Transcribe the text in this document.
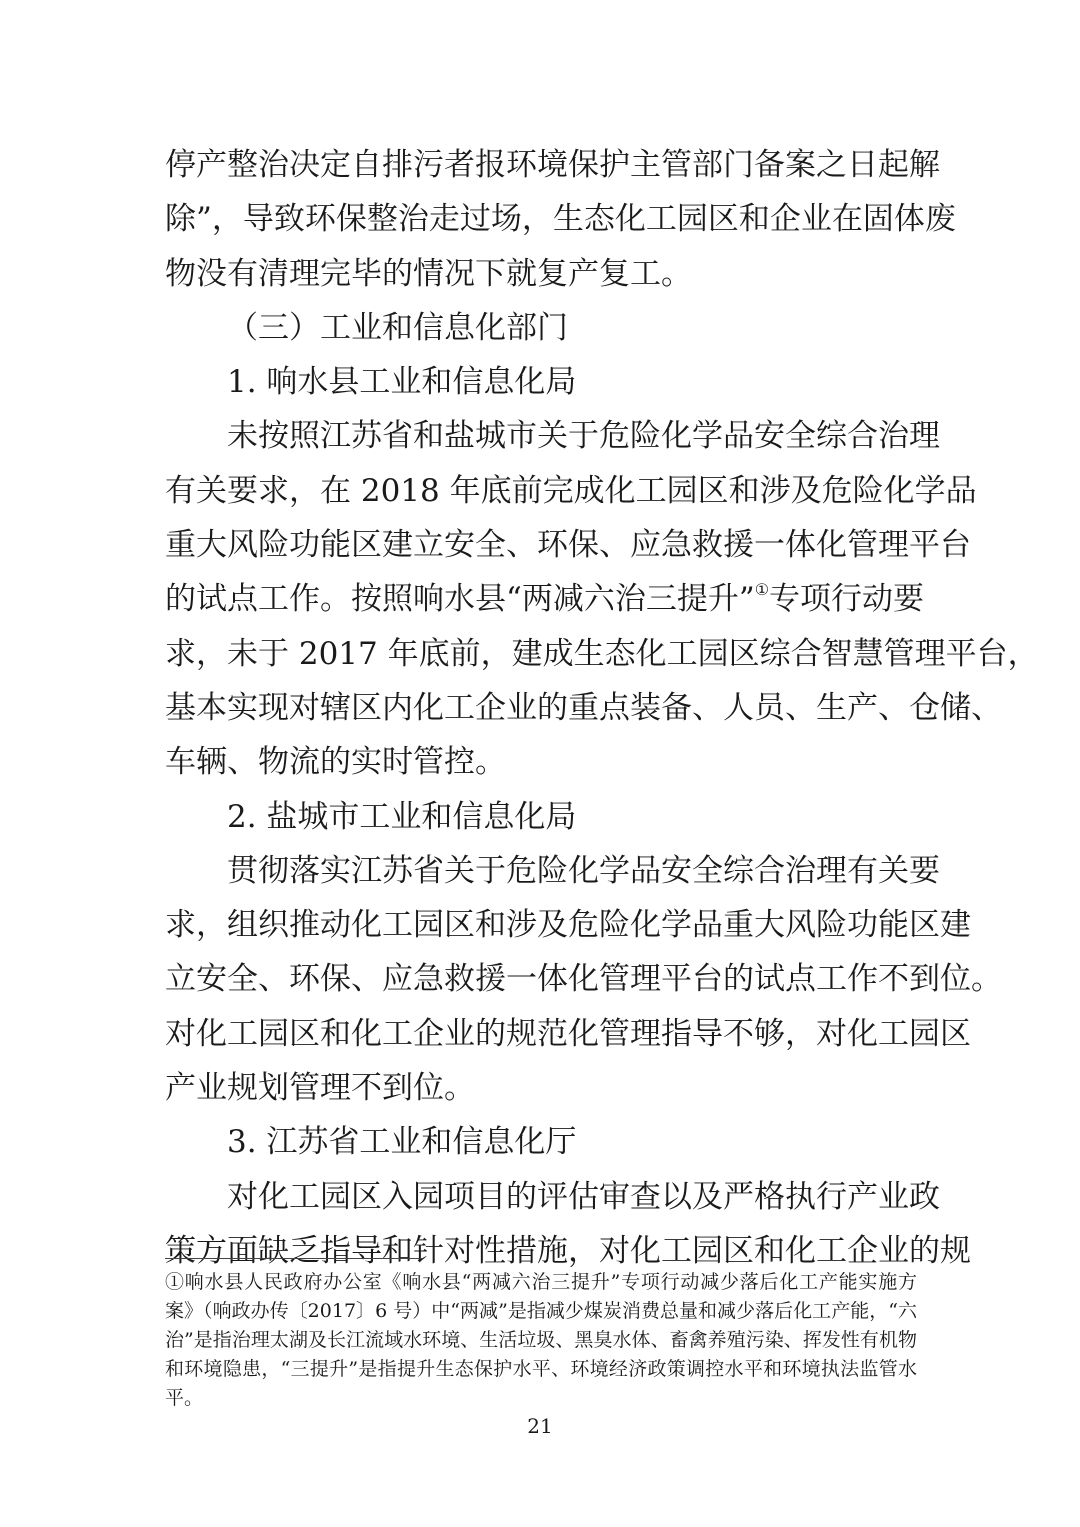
停产整治决定自排污者报环境保护主管部门备案之日起解
除”，导致环保整治走过场，生态化工园区和企业在固体废
物没有清理完毕的情况下就复产复工。
（三）工业和信息化部门
1. 响水县工业和信息化局
未按照江苏省和盐城市关于危险化学品安全综合治理
有关要求，在 2018 年底前完成化工园区和涉及危险化学品
重大风险功能区建立安全、环保、应急救援一体化管理平台
的试点工作。按照响水县“两减六治三提升”①专项行动要
求，未于 2017 年底前，建成生态化工园区综合智慧管理平台，
基本实现对辖区内化工企业的重点装备、人员、生产、仓储、
车辆、物流的实时管控。
2. 盐城市工业和信息化局
贯彻落实江苏省关于危险化学品安全综合治理有关要
求，组织推动化工园区和涉及危险化学品重大风险功能区建
立安全、环保、应急救援一体化管理平台的试点工作不到位。
对化工园区和化工企业的规范化管理指导不够，对化工园区
产业规划管理不到位。
3. 江苏省工业和信息化厅
对化工园区入园项目的评估审查以及严格执行产业政
策方面缺乏指导和针对性措施，对化工园区和化工企业的规
①响水县人民政府办公室《响水县“两减六治三提升”专项行动减少落后化工产能实施方
案》（响政办传〔2017〕6 号）中“两减”是指减少煤炭消费总量和减少落后化工产能，“六
治”是指治理太湖及长江流域水环境、生活垃圾、黑臭水体、畜禽养殖污染、挥发性有机物
和环境隐患，“三提升”是指提升生态保护水平、环境经济政策调控水平和环境执法监管水
平。
21
